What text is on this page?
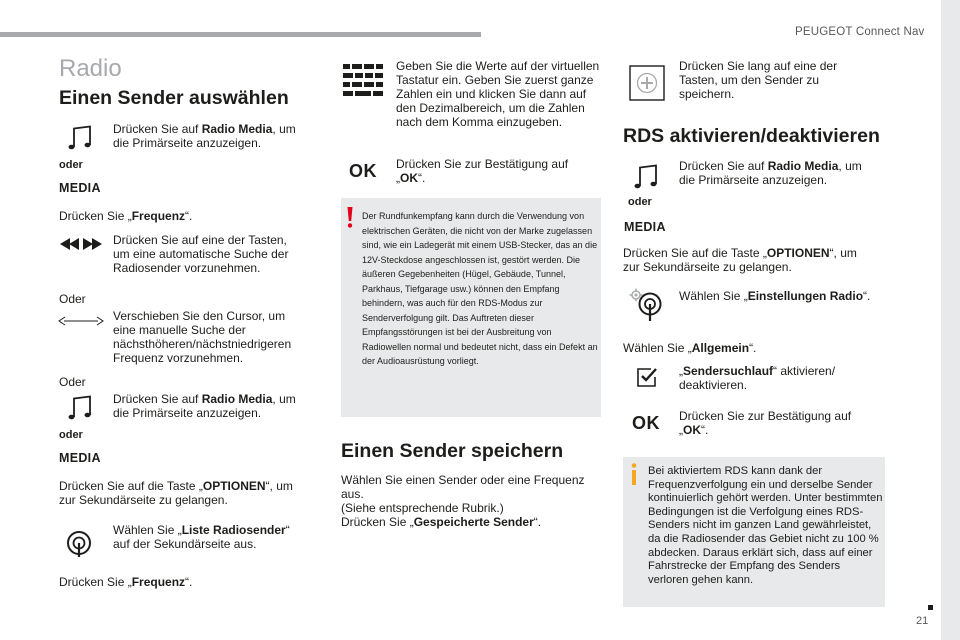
PEUGEOT Connect Nav
21
Radio
Einen Sender auswählen
Drücken Sie auf Radio Media, um die Primärseite anzuzeigen.
oder
MEDIA
Drücken Sie „Frequenz“.
Drücken Sie auf eine der Tasten, um eine automatische Suche der Radiosender vorzunehmen.
Oder
Verschieben Sie den Cursor, um eine manuelle Suche der nächsthöheren/nächstniedrigeren Frequenz vorzunehmen.
Oder
Drücken Sie auf Radio Media, um die Primärseite anzuzeigen.
oder
MEDIA
Drücken Sie auf die Taste „OPTIONEN“, um zur Sekundärseite zu gelangen.
Wählen Sie „Liste Radiosender“ auf der Sekundärseite aus.
Drücken Sie „Frequenz“.
Geben Sie die Werte auf der virtuellen Tastatur ein. Geben Sie zuerst ganze Zahlen ein und klicken Sie dann auf den Dezimalbereich, um die Zahlen nach dem Komma einzugeben.
OK Drücken Sie zur Bestätigung auf „OK“.
Der Rundfunkempfang kann durch die Verwendung von elektrischen Geräten, die nicht von der Marke zugelassen sind, wie ein Ladegerät mit einem USB-Stecker, das an die 12V-Steckdose angeschlossen ist, gestört werden. Die äußeren Gegebenheiten (Hügel, Gebäude, Tunnel, Parkhaus, Tiefgarage usw.) können den Empfang behindern, was auch für den RDS-Modus zur Senderverfolgung gilt. Das Auftreten dieser Empfangsstörungen ist bei der Ausbreitung von Radiowellen normal und bedeutet nicht, dass ein Defekt an der Audioausrüstung vorliegt.
Einen Sender speichern
Wählen Sie einen Sender oder eine Frequenz aus.
(Siehe entsprechende Rubrik.)
Drücken Sie „Gespeicherte Sender“.
Drücken Sie lang auf eine der Tasten, um den Sender zu speichern.
RDS aktivieren/deaktivieren
Drücken Sie auf Radio Media, um die Primärseite anzuzeigen.
oder
MEDIA
Drücken Sie auf die Taste „OPTIONEN“, um zur Sekundärseite zu gelangen.
Wählen Sie „Einstellungen Radio“.
Wählen Sie „Allgemein“.
„Sendersuchlauf“ aktivieren/ deaktivieren.
OK Drücken Sie zur Bestätigung auf „OK“.
Bei aktiviertem RDS kann dank der Frequenzverfolgung ein und derselbe Sender kontinuierlich gehört werden. Unter bestimmten Bedingungen ist die Verfolgung eines RDS-Senders nicht im ganzen Land gewährleistet, da die Radiosender das Gebiet nicht zu 100 % abdecken. Daraus erklärt sich, dass auf einer Fahrstrecke der Empfang des Senders verloren gehen kann.
